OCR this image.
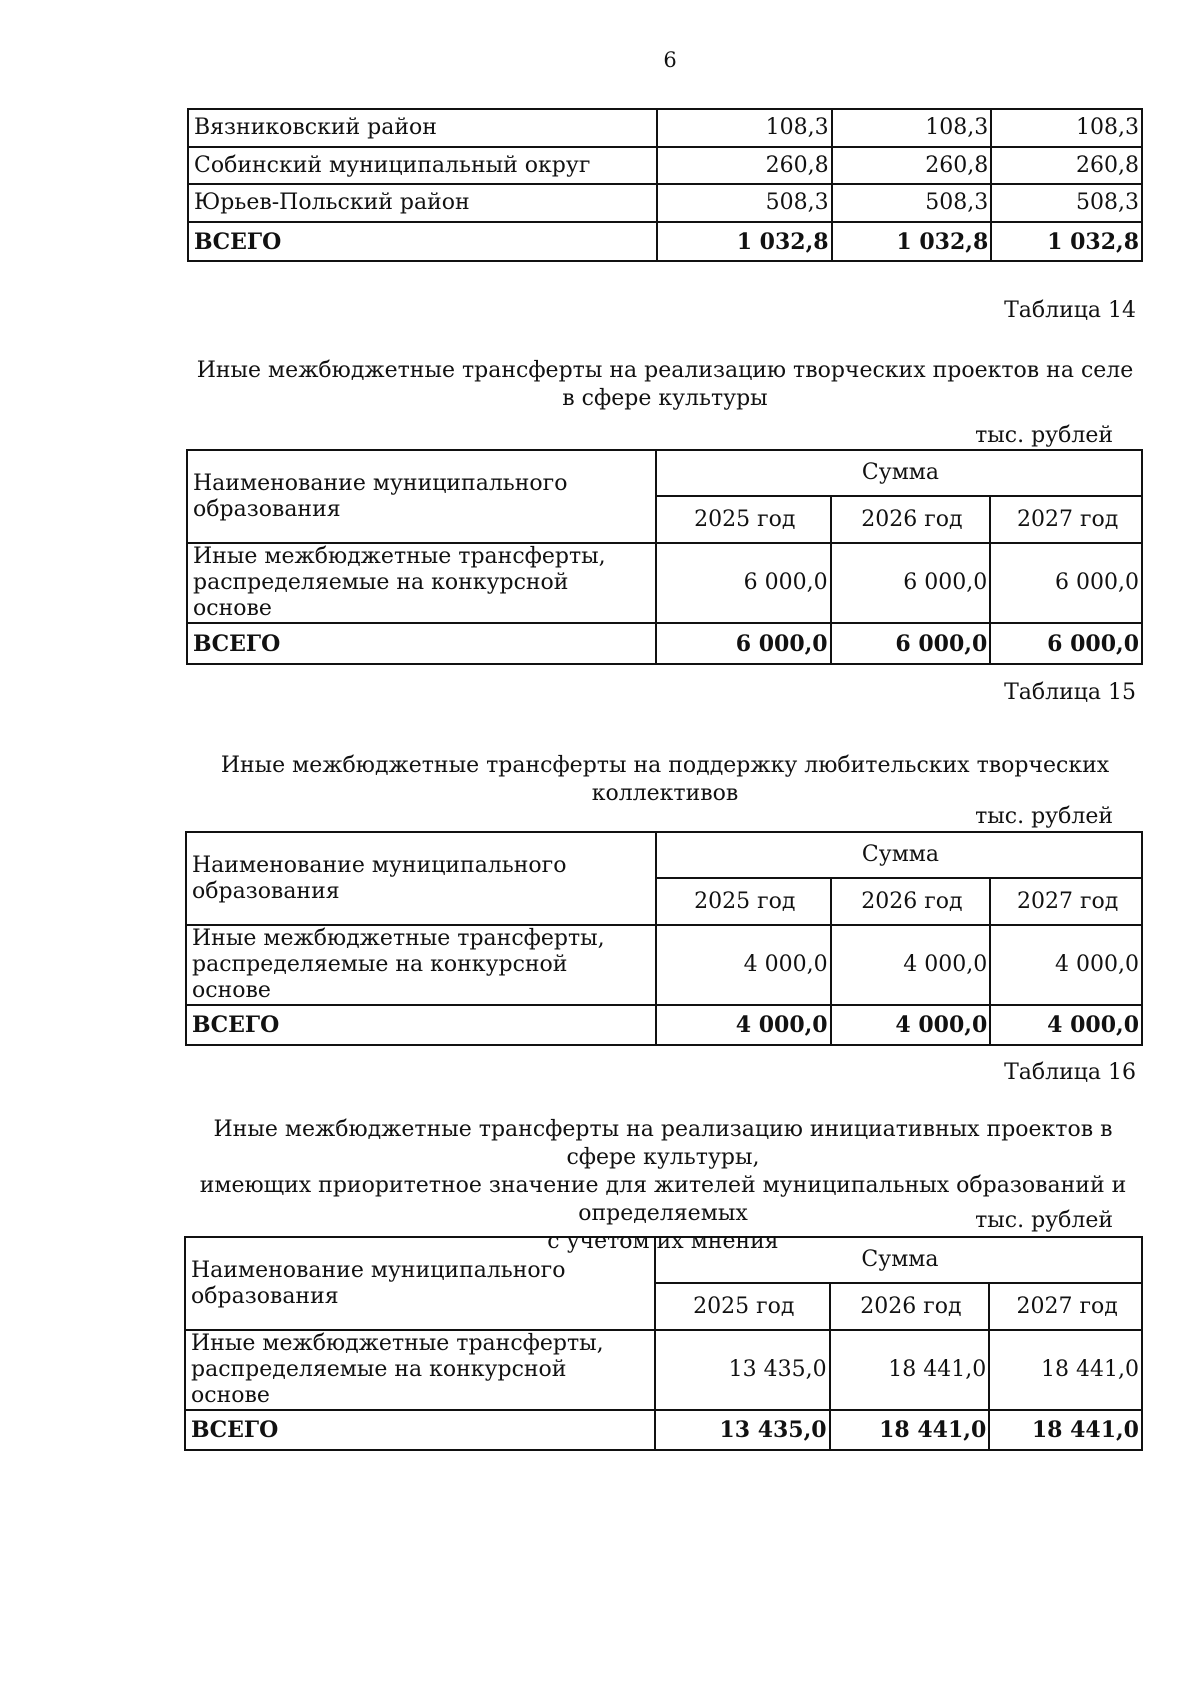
6
Вязниковский район	108,3	108,3	108,3
Собинский муниципальный округ	260,8	260,8	260,8
Юрьев-Польский район	508,3	508,3	508,3
ВСЕГО	1 032,8	1 032,8	1 032,8
Таблица 14
Иные межбюджетные трансферты на реализацию творческих проектов на селе
в сфере культуры
тыс. рублей
Наименование муниципального образования	Сумма		
	2025 год	2026 год	2027 год

Иные межбюджетные трансферты,
распределяемые на конкурсной основе	6 000,0	6 000,0	6 000,0
ВСЕГО	6 000,0	6 000,0	6 000,0
Таблица 15
Иные межбюджетные трансферты на поддержку любительских творческих коллективов
тыс. рублей
Наименование муниципального образования	Сумма		
	2025 год	2026 год	2027 год

Иные межбюджетные трансферты,
распределяемые на конкурсной основе	4 000,0	4 000,0	4 000,0
ВСЕГО	4 000,0	4 000,0	4 000,0
Таблица 16
Иные межбюджетные трансферты на реализацию инициативных проектов в сфере культуры,
имеющих приоритетное значение для жителей муниципальных образований и определяемых
с учетом их мнения
тыс. рублей
Наименование муниципального образования	Сумма		
	2025 год	2026 год	2027 год

Иные межбюджетные трансферты,
распределяемые на конкурсной основе	13 435,0	18 441,0	18 441,0
ВСЕГО	13 435,0	18 441,0	18 441,0
